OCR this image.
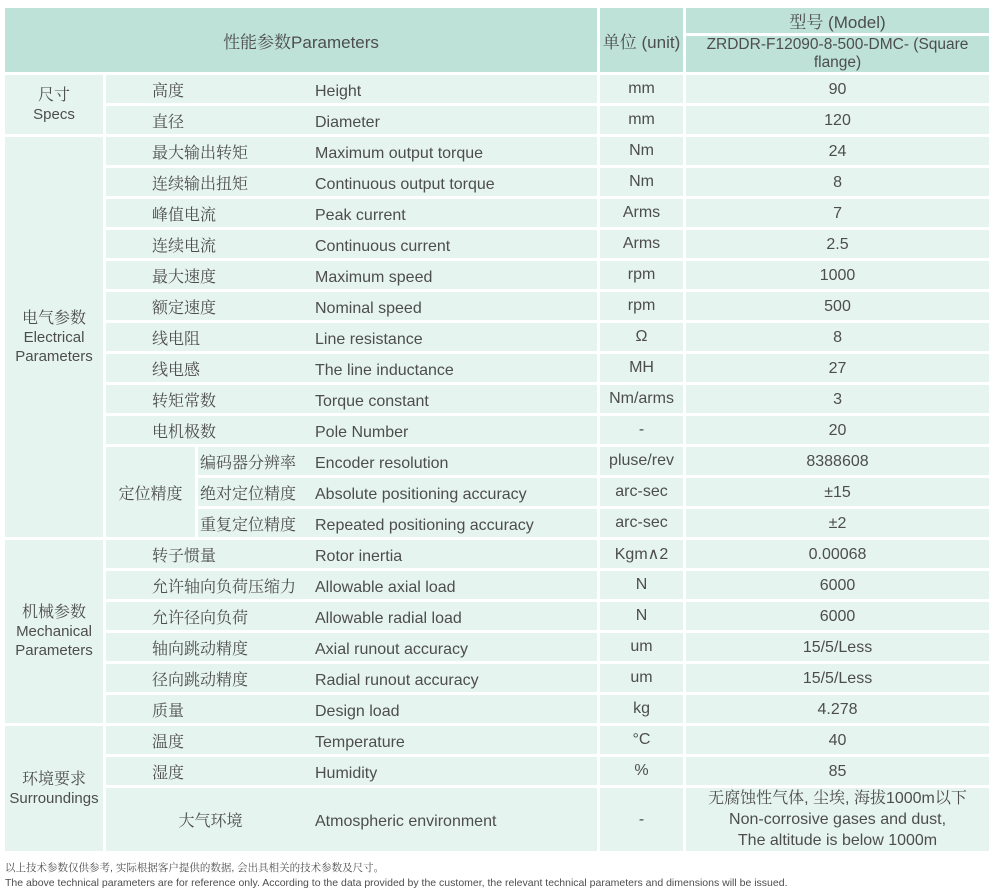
性能参数Parameters			单位 (unit)	型号 (Model)
				ZRDDR-F12090-8-500-DMC- (Square flange)

尺寸
Specs	高度 Height		mm	90
	直径 Diameter		mm	120

电气参数
Electrical Parameters	最大输出转矩 Maximum output torque		Nm	24
	连续输出扭矩 Continuous output torque		Nm	8
	峰值电流 Peak current		Arms	7
	连续电流 Continuous current		Arms	2.5
	最大速度 Maximum speed		rpm	1000
	额定速度 Nominal speed		rpm	500
	线电阻 Line resistance		Ω	8
	线电感 The line inductance		MH	27
	转矩常数 Torque constant		Nm/arms	3
	电机极数 Pole Number		-	20
	定位精度	编码器分辨率 Encoder resolution	pluse/rev	8388608
		绝对定位精度 Absolute positioning accuracy	arc-sec	±15
		重复定位精度 Repeated positioning accuracy	arc-sec	±2

机械参数
Mechanical Parameters	转子惯量 Rotor inertia		Kgm∧2	0.00068
	允许轴向负荷压缩力 Allowable axial load		N	6000
	允许径向负荷 Allowable radial load		N	6000
	轴向跳动精度 Axial runout accuracy		um	15/5/Less
	径向跳动精度 Radial runout accuracy		um	15/5/Less
	质量 Design load		kg	4.278

环境要求
Surroundings	温度 Temperature		°C	40
	湿度 Humidity		%	85
	大气环境 Atmospheric environment		-	无腐蚀性气体, 尘埃, 海拔1000m以下
Non-corrosive gases and dust,
The altitude is below 1000m
以上技术参数仅供参考, 实际根据客户提供的数据, 会出具相关的技术参数及尺寸。
The above technical parameters are for reference only. According to the data provided by the customer, the relevant technical parameters and dimensions will be issued.
